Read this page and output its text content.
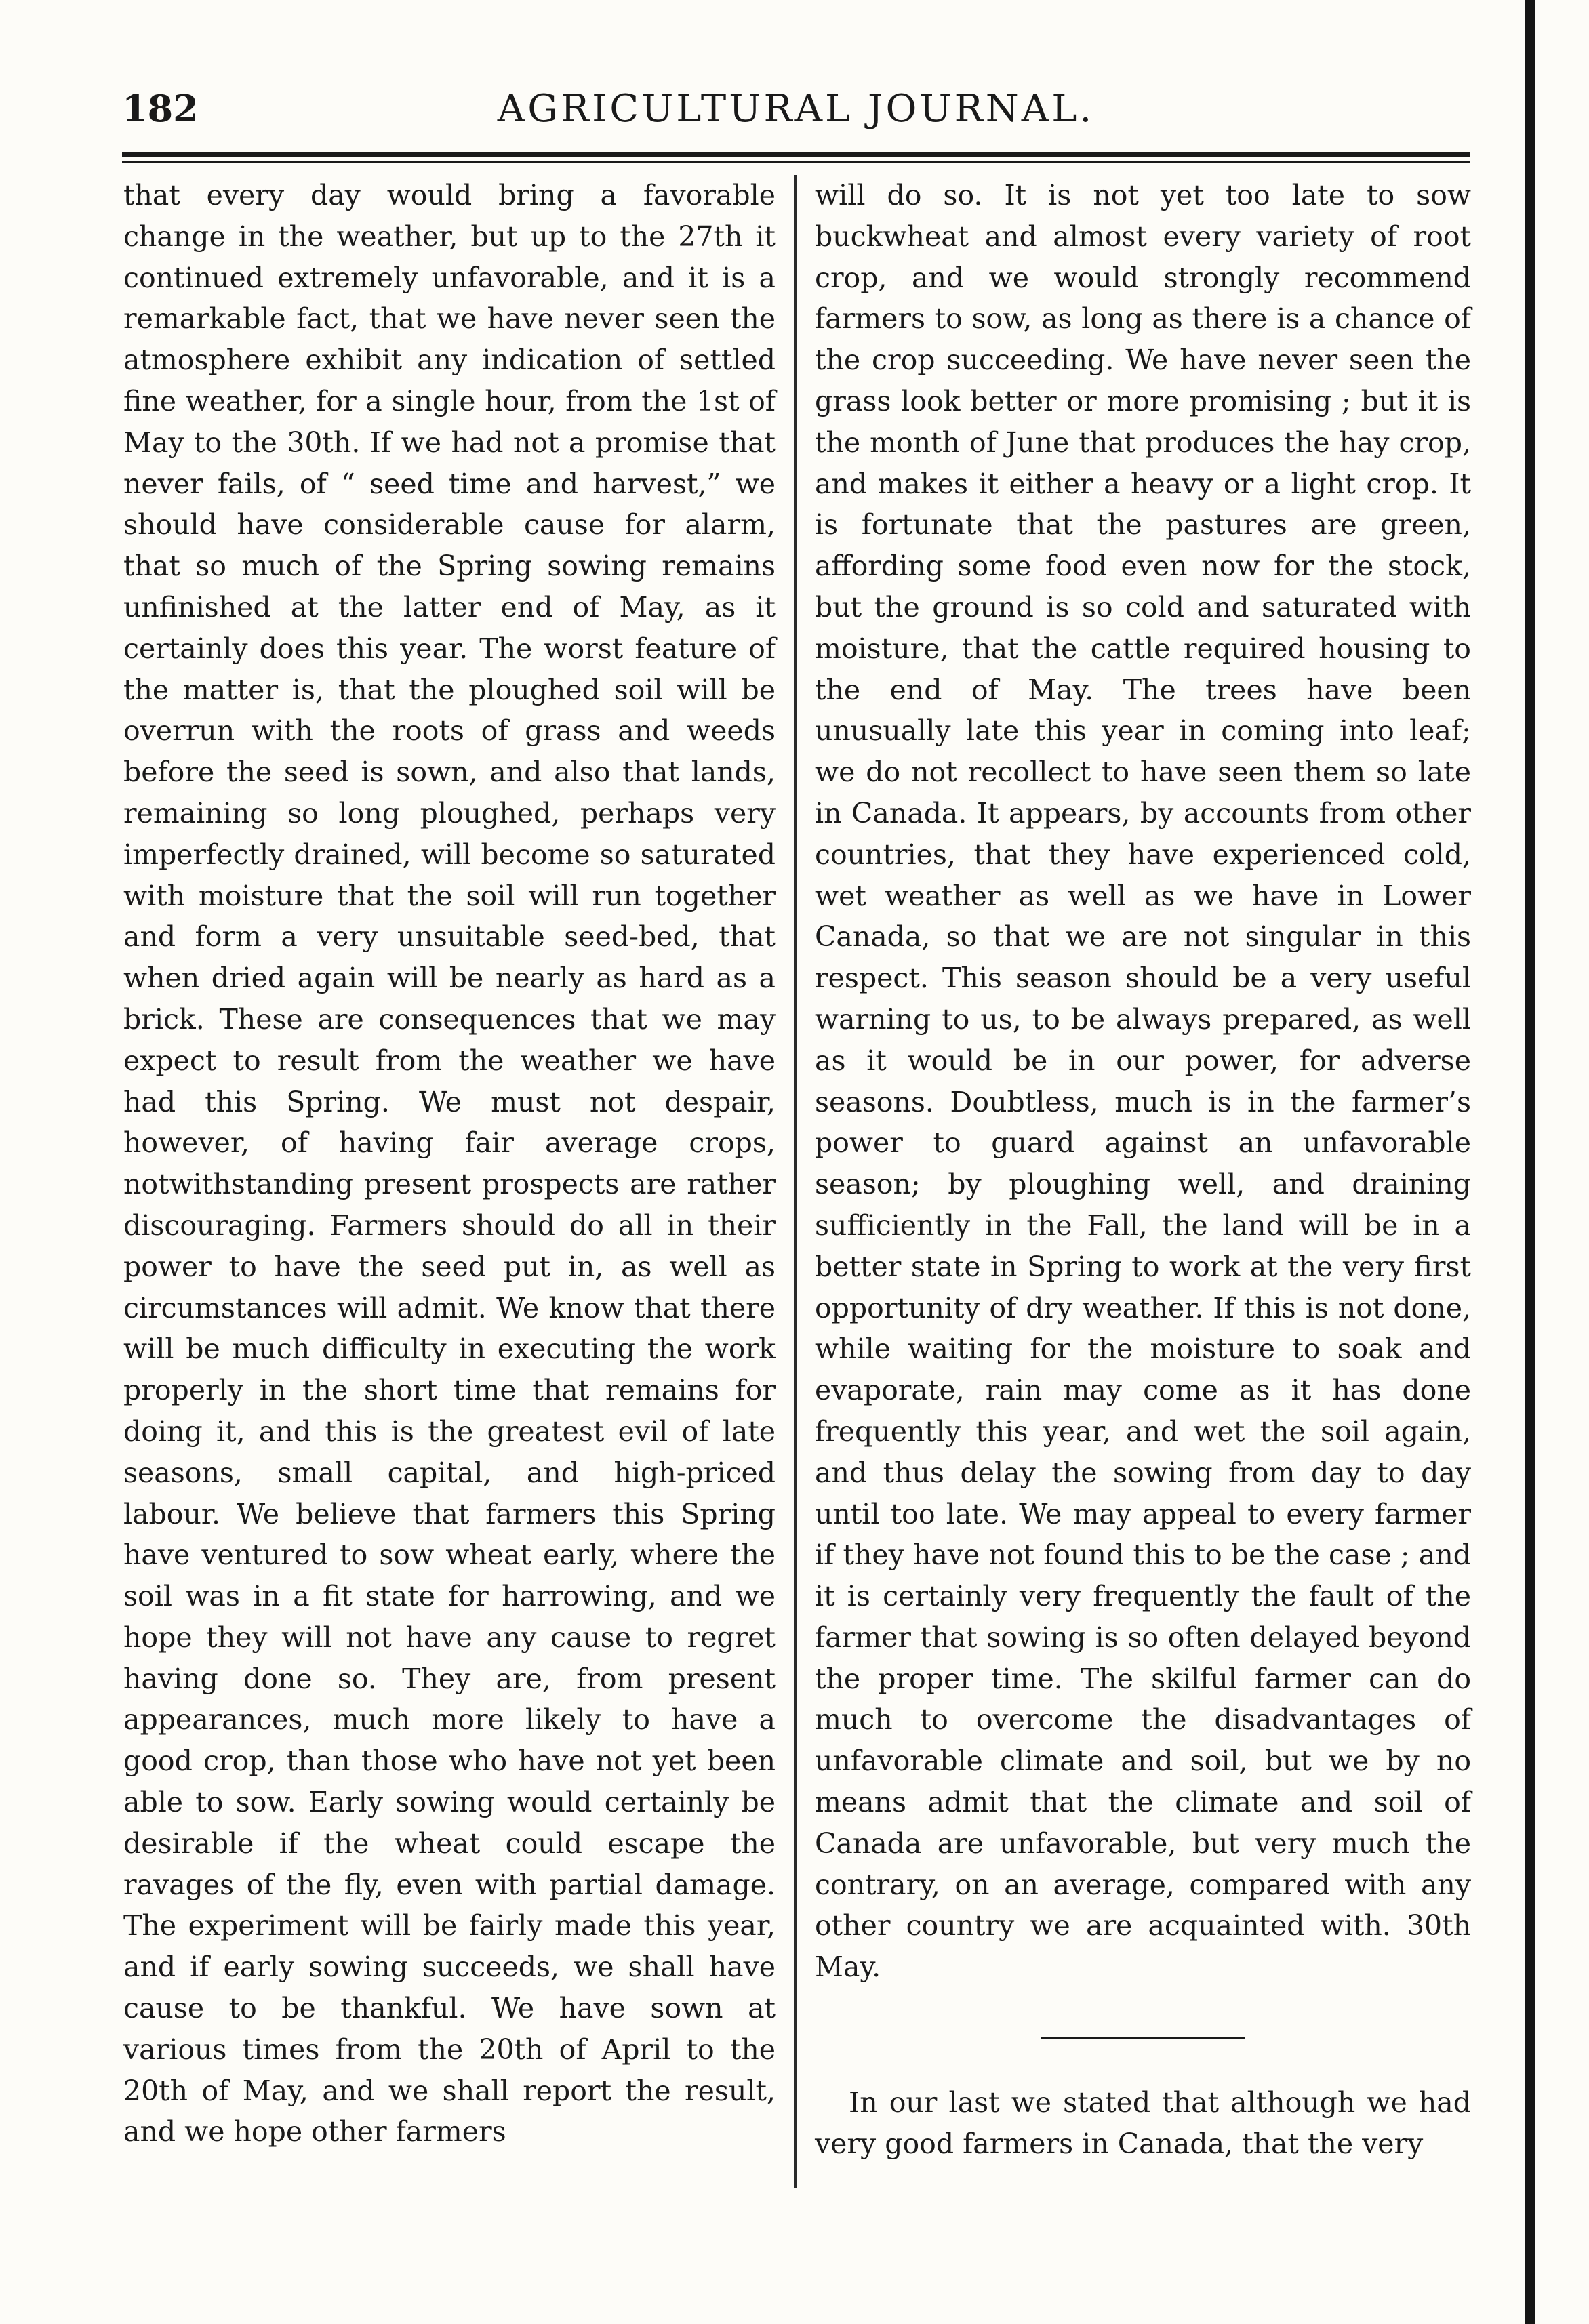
AGRICULTURAL JOURNAL.
182

that every day would bring a favorable change in the weather, but up to the 27th it continued extremely unfavorable, and it is a remarkable fact, that we have never seen the atmosphere exhibit any indication of settled fine weather, for a single hour, from the 1st of May to the 30th. If we had not a promise that never fails, of “ seed time and harvest,” we should have considerable cause for alarm, that so much of the Spring sowing remains unfinished at the latter end of May, as it certainly does this year. The worst feature of the matter is, that the ploughed soil will be overrun with the roots of grass and weeds before the seed is sown, and also that lands, remaining so long ploughed, perhaps very imperfectly drained, will become so saturated with moisture that the soil will run together and form a very unsuitable seed-bed, that when dried again will be nearly as hard as a brick. These are consequences that we may expect to result from the weather we have had this Spring. We must not despair, however, of having fair average crops, notwithstanding present prospects are rather discouraging. Farmers should do all in their power to have the seed put in, as well as circumstances will admit. We know that there will be much difficulty in executing the work properly in the short time that remains for doing it, and this is the greatest evil of late seasons, small capital, and high-priced labour. We believe that farmers this Spring have ventured to sow wheat early, where the soil was in a fit state for harrowing, and we hope they will not have any cause to regret having done so. They are, from present appearances, much more likely to have a good crop, than those who have not yet been able to sow. Early sowing would certainly be desirable if the wheat could escape the ravages of the fly, even with partial damage. The experiment will be fairly made this year, and if early sowing succeeds, we shall have cause to be thankful. We have sown at various times from the 20th of April to the 20th of May, and we shall report the result, and we hope other farmers

will do so. It is not yet too late to sow buckwheat and almost every variety of root crop, and we would strongly recommend farmers to sow, as long as there is a chance of the crop succeeding. We have never seen the grass look better or more promising ; but it is the month of June that produces the hay crop, and makes it either a heavy or a light crop. It is fortunate that the pastures are green, affording some food even now for the stock, but the ground is so cold and saturated with moisture, that the cattle required housing to the end of May. The trees have been unusually late this year in coming into leaf; we do not recollect to have seen them so late in Canada. It appears, by accounts from other countries, that they have experienced cold, wet weather as well as we have in Lower Canada, so that we are not singular in this respect. This season should be a very useful warning to us, to be always prepared, as well as it would be in our power, for adverse seasons. Doubtless, much is in the farmer’s power to guard against an unfavorable season; by ploughing well, and draining sufficiently in the Fall, the land will be in a better state in Spring to work at the very first opportunity of dry weather. If this is not done, while waiting for the moisture to soak and evaporate, rain may come as it has done frequently this year, and wet the soil again, and thus delay the sowing from day to day until too late. We may appeal to every farmer if they have not found this to be the case ; and it is certainly very frequently the fault of the farmer that sowing is so often delayed beyond the proper time. The skilful farmer can do much to overcome the disadvantages of unfavorable climate and soil, but we by no means admit that the climate and soil of Canada are unfavorable, but very much the contrary, on an average, compared with any other country we are acquainted with. 30th May.

In our last we stated that although we had very good farmers in Canada, that the very
